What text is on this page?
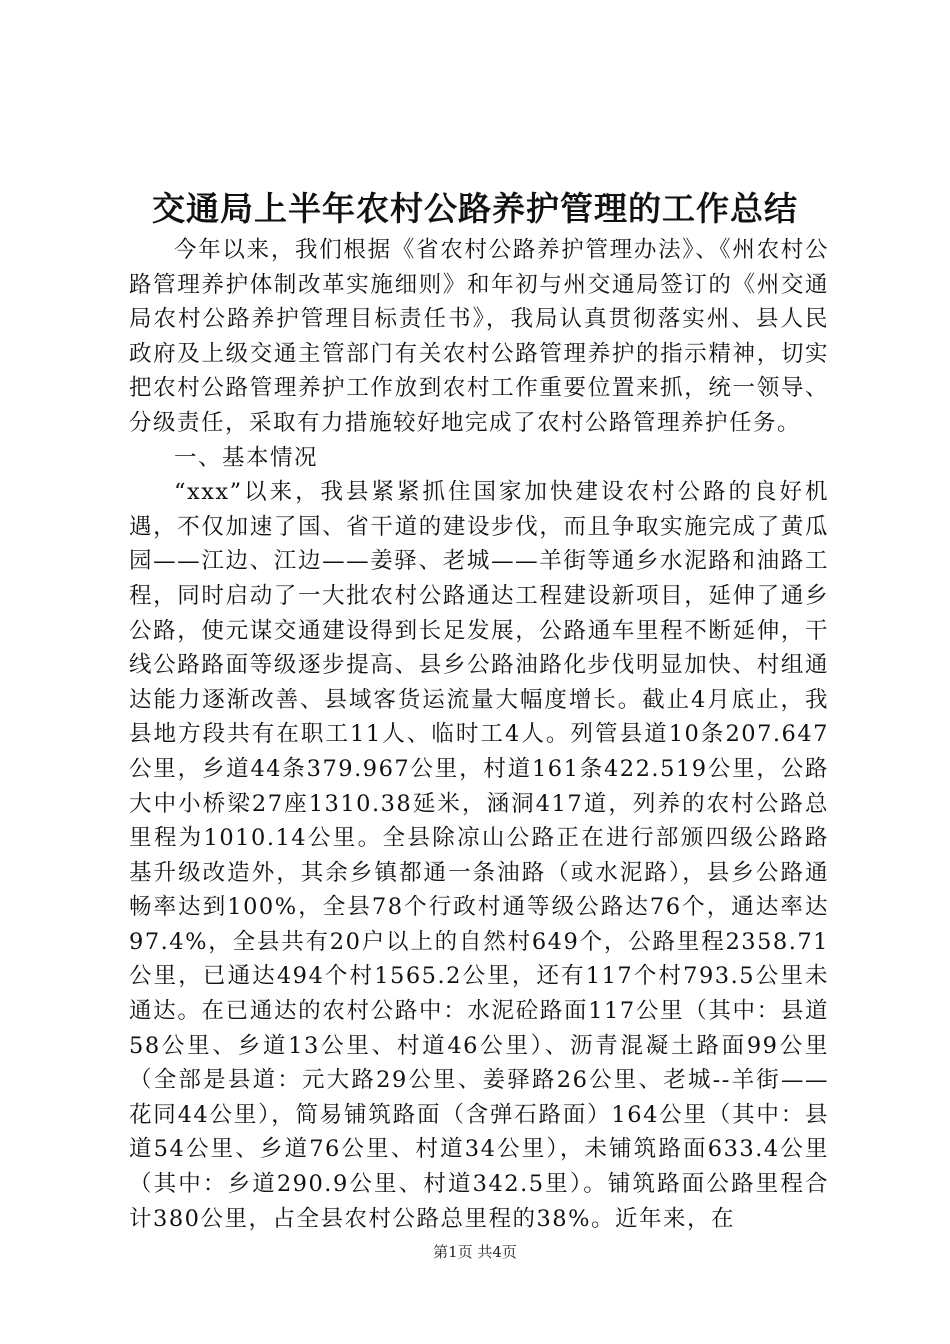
交通局上半年农村公路养护管理的工作总结

今年以来，我们根据《省农村公路养护管理办法》、《州农村公路管理养护体制改革实施细则》和年初与州交通局签订的《州交通局农村公路养护管理目标责任书》，我局认真贯彻落实州、县人民政府及上级交通主管部门有关农村公路管理养护的指示精神，切实把农村公路管理养护工作放到农村工作重要位置来抓，统一领导、分级责任，采取有力措施较好地完成了农村公路管理养护任务。

一、基本情况

“xxx”以来，我县紧紧抓住国家加快建设农村公路的良好机遇，不仅加速了国、省干道的建设步伐，而且争取实施完成了黄瓜园——江边、江边——姜驿、老城——羊街等通乡水泥路和油路工程，同时启动了一大批农村公路通达工程建设新项目，延伸了通乡公路，使元谋交通建设得到长足发展，公路通车里程不断延伸，干线公路路面等级逐步提高、县乡公路油路化步伐明显加快、村组通达能力逐渐改善、县域客货运流量大幅度增长。截止4月底止，我县地方段共有在职工11人、临时工4人。列管县道10条207.647公里，乡道44条379.967公里，村道161条422.519公里，公路大中小桥梁27座1310.38延米，涵洞417道，列养的农村公路总里程为1010.14公里。全县除凉山公路正在进行部颁四级公路路基升级改造外，其余乡镇都通一条油路（或水泥路），县乡公路通畅率达到100%，全县78个行政村通等级公路达76个，通达率达97.4%，全县共有20户以上的自然村649个，公路里程2358.71公里，已通达494个村1565.2公里，还有117个村793.5公里未通达。在已通达的农村公路中：水泥砼路面117公里（其中：县道58公里、乡道13公里、村道46公里）、沥青混凝土路面99公里（全部是县道：元大路29公里、姜驿路26公里、老城--羊街——花同44公里），简易铺筑路面（含弹石路面）164公里（其中：县道54公里、乡道76公里、村道34公里），未铺筑路面633.4公里（其中：乡道290.9公里、村道342.5里）。铺筑路面公路里程合计380公里，占全县农村公路总里程的38%。近年来，在

第1页 共4页
